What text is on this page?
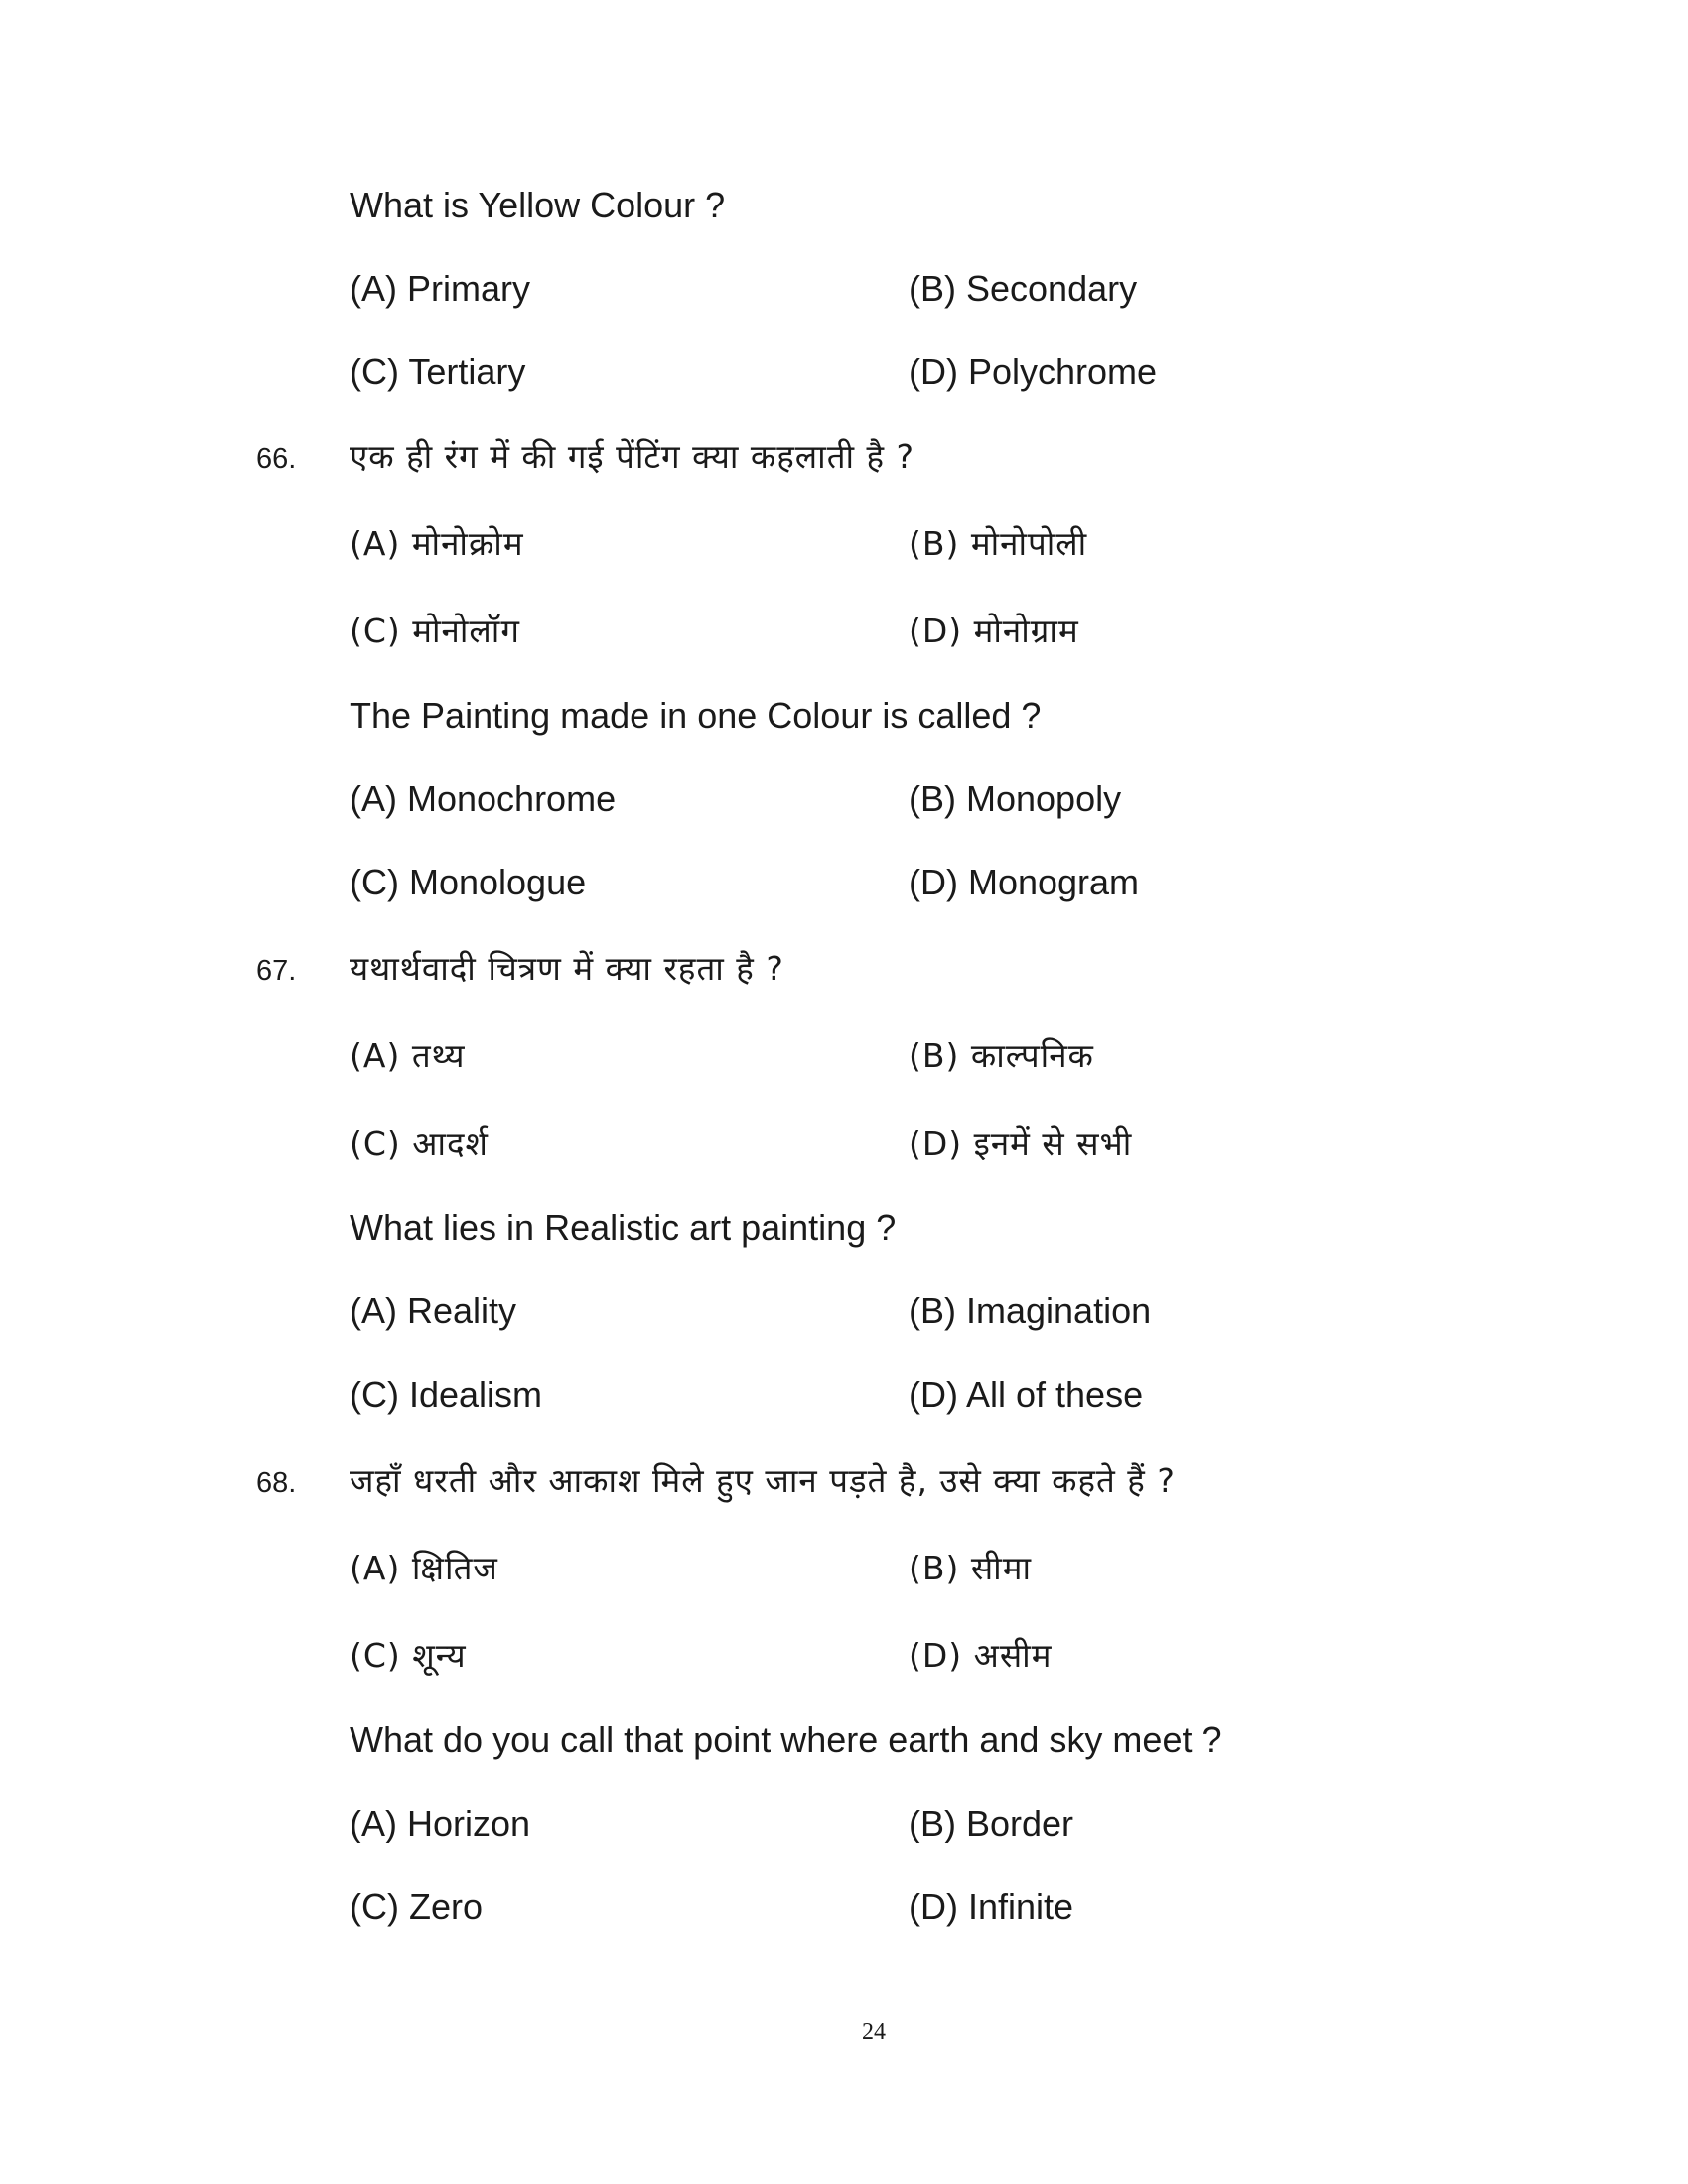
What is Yellow Colour ?
(A) Primary	(B) Secondary
(C) Tertiary	(D) Polychrome
66. एक ही रंग में की गई पेंटिंग क्या कहलाती है ?
(A) मोनोक्रोम	(B) मोनोपोली
(C) मोनोलॉग	(D) मोनोग्राम
The Painting made in one Colour is called ?
(A) Monochrome	(B) Monopoly
(C) Monologue	(D) Monogram
67. यथार्थवादी चित्रण में क्या रहता है ?
(A) तथ्य	(B) काल्पनिक
(C) आदर्श	(D) इनमें से सभी
What lies in Realistic art painting ?
(A) Reality	(B) Imagination
(C) Idealism	(D) All of these
68. जहाँ धरती और आकाश मिले हुए जान पड़ते है, उसे क्या कहते हैं ?
(A) क्षितिज	(B) सीमा
(C) शून्य	(D) असीम
What do you call that point where earth and sky meet ?
(A) Horizon	(B) Border
(C) Zero	(D) Infinite
24
